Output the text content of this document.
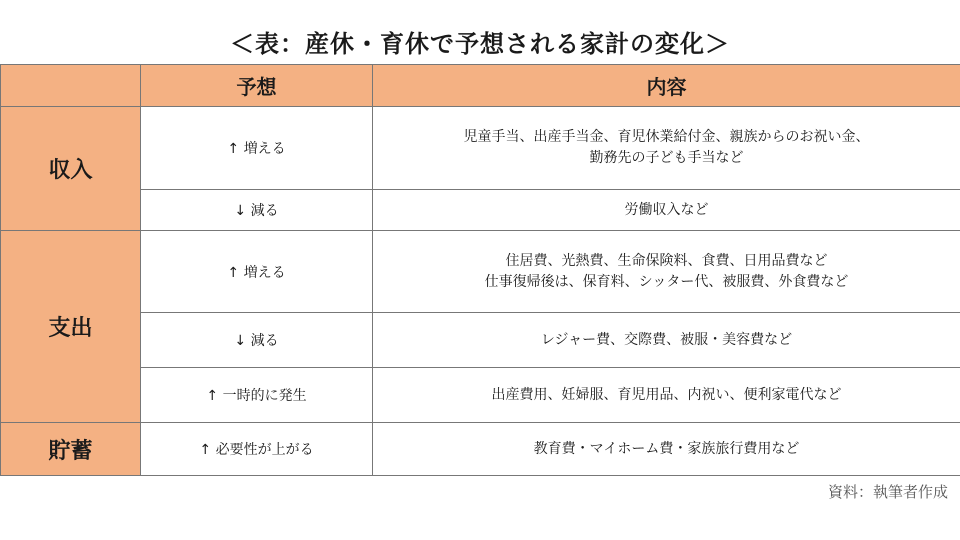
＜表：産休・育休で予想される家計の変化＞
	予想	内容
収入	↑ 増える	児童手当、出産手当金、育児休業給付金、親族からのお祝い金、
勤務先の子ども手当など

	↓ 減る	労働収入など

支出	↑ 増える	住居費、光熱費、生命保険料、食費、日用品費など
仕事復帰後は、保育料、シッター代、被服費、外食費など

	↓ 減る	レジャー費、交際費、被服・美容費など

	↑ 一時的に発生	出産費用、妊婦服、育児用品、内祝い、便利家電代など

貯蓄	↑ 必要性が上がる	教育費・マイホーム費・家族旅行費用など
資料：執筆者作成
